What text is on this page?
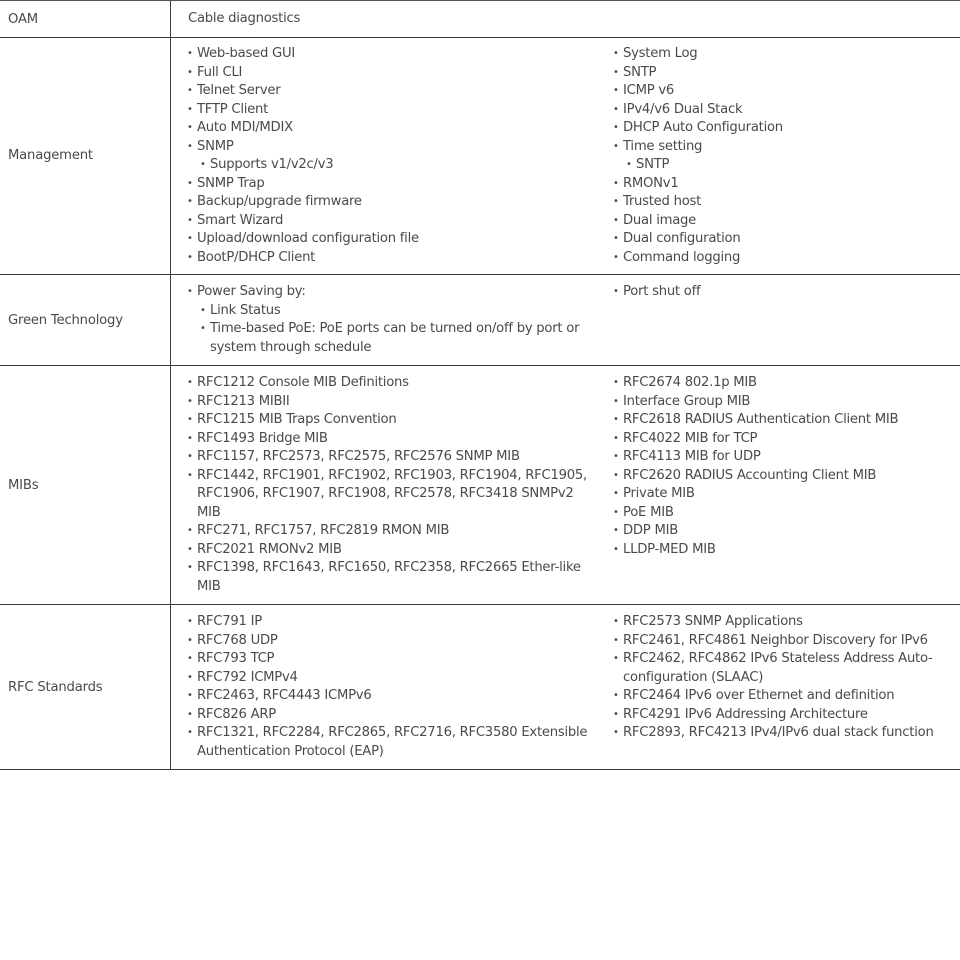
OAM	Cable diagnostics
Management
• Web-based GUI
• Full CLI
• Telnet Server
• TFTP Client
• Auto MDI/MDIX
• SNMP
• Supports v1/v2c/v3
• SNMP Trap
• Backup/upgrade firmware
• Smart Wizard
• Upload/download configuration file
• BootP/DHCP Client
• System Log
• SNTP
• ICMP v6
• IPv4/v6 Dual Stack
• DHCP Auto Configuration
• Time setting
• SNTP
• RMONv1
• Trusted host
• Dual image
• Dual configuration
• Command logging
Green Technology
• Power Saving by:
• Link Status
• Time-based PoE: PoE ports can be turned on/off by port or system through schedule
• Port shut off
MIBs
• RFC1212 Console MIB Definitions
• RFC1213 MIBII
• RFC1215 MIB Traps Convention
• RFC1493 Bridge MIB
• RFC1157, RFC2573, RFC2575, RFC2576 SNMP MIB
• RFC1442, RFC1901, RFC1902, RFC1903, RFC1904, RFC1905, RFC1906, RFC1907, RFC1908, RFC2578, RFC3418 SNMPv2 MIB
• RFC271, RFC1757, RFC2819 RMON MIB
• RFC2021 RMONv2 MIB
• RFC1398, RFC1643, RFC1650, RFC2358, RFC2665 Ether-like MIB
• RFC2674 802.1p MIB
• Interface Group MIB
• RFC2618 RADIUS Authentication Client MIB
• RFC4022 MIB for TCP
• RFC4113 MIB for UDP
• RFC2620 RADIUS Accounting Client MIB
• Private MIB
• PoE MIB
• DDP MIB
• LLDP-MED MIB
RFC Standards
• RFC791 IP
• RFC768 UDP
• RFC793 TCP
• RFC792 ICMPv4
• RFC2463, RFC4443 ICMPv6
• RFC826 ARP
• RFC1321, RFC2284, RFC2865, RFC2716, RFC3580 Extensible Authentication Protocol (EAP)
• RFC2573 SNMP Applications
• RFC2461, RFC4861 Neighbor Discovery for IPv6
• RFC2462, RFC4862 IPv6 Stateless Address Auto-configuration (SLAAC)
• RFC2464 IPv6 over Ethernet and definition
• RFC4291 IPv6 Addressing Architecture
• RFC2893, RFC4213 IPv4/IPv6 dual stack function
